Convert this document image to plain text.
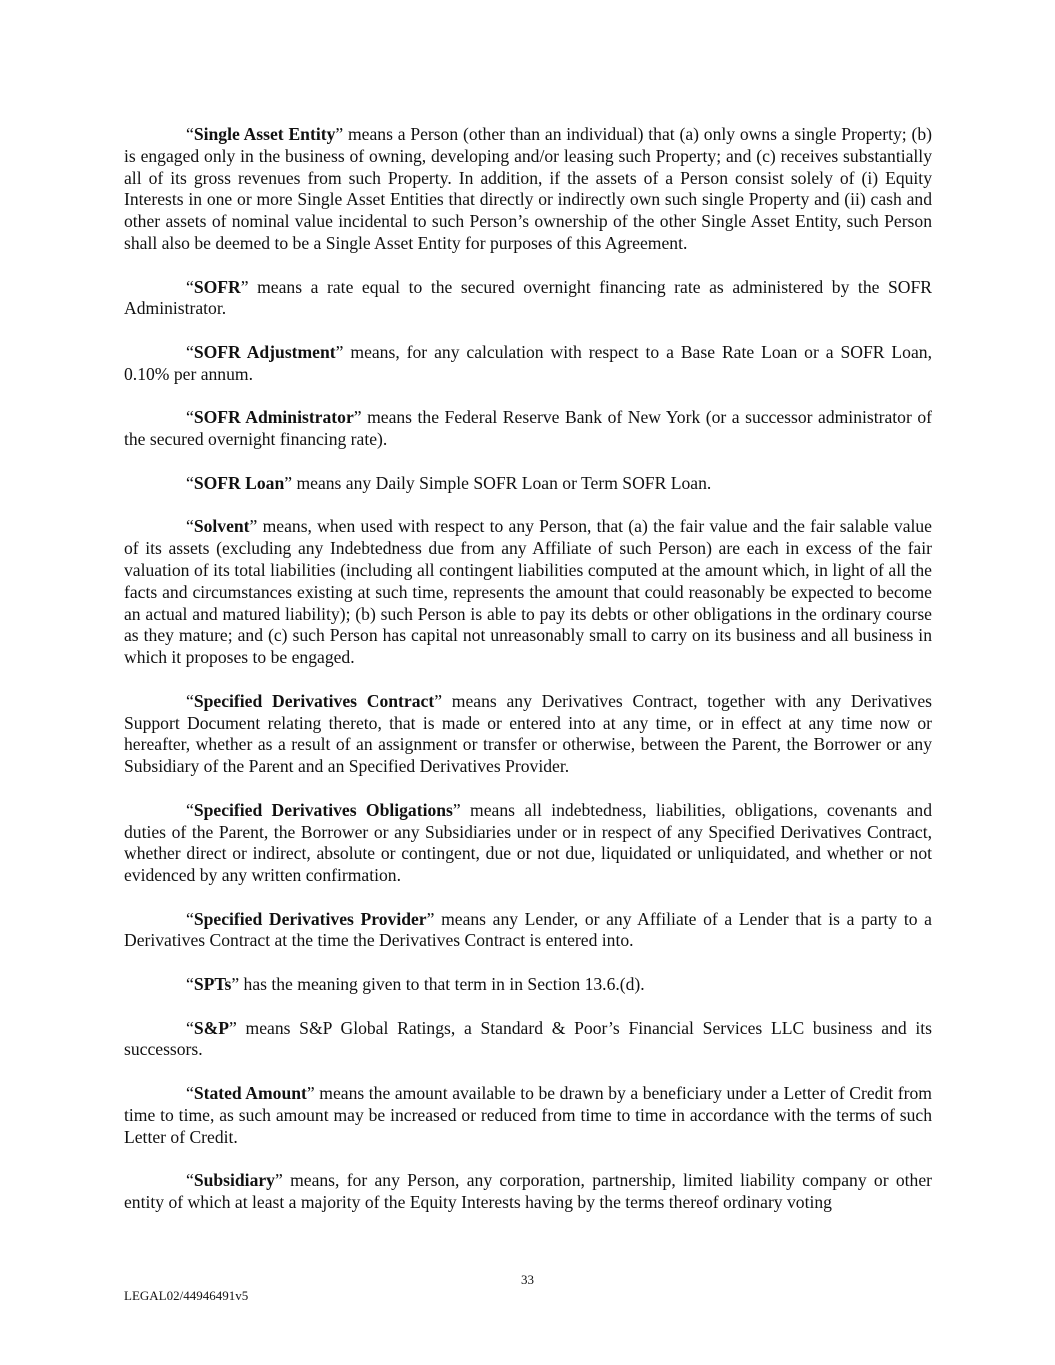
“Single Asset Entity” means a Person (other than an individual) that (a) only owns a single Property; (b) is engaged only in the business of owning, developing and/or leasing such Property; and (c) receives substantially all of its gross revenues from such Property. In addition, if the assets of a Person consist solely of (i) Equity Interests in one or more Single Asset Entities that directly or indirectly own such single Property and (ii) cash and other assets of nominal value incidental to such Person’s ownership of the other Single Asset Entity, such Person shall also be deemed to be a Single Asset Entity for purposes of this Agreement.

“SOFR” means a rate equal to the secured overnight financing rate as administered by the SOFR Administrator.

“SOFR Adjustment” means, for any calculation with respect to a Base Rate Loan or a SOFR Loan, 0.10% per annum.

“SOFR Administrator” means the Federal Reserve Bank of New York (or a successor administrator of the secured overnight financing rate).

“SOFR Loan” means any Daily Simple SOFR Loan or Term SOFR Loan.

“Solvent” means, when used with respect to any Person, that (a) the fair value and the fair salable value of its assets (excluding any Indebtedness due from any Affiliate of such Person) are each in excess of the fair valuation of its total liabilities (including all contingent liabilities computed at the amount which, in light of all the facts and circumstances existing at such time, represents the amount that could reasonably be expected to become an actual and matured liability); (b) such Person is able to pay its debts or other obligations in the ordinary course as they mature; and (c) such Person has capital not unreasonably small to carry on its business and all business in which it proposes to be engaged.

“Specified Derivatives Contract” means any Derivatives Contract, together with any Derivatives Support Document relating thereto, that is made or entered into at any time, or in effect at any time now or hereafter, whether as a result of an assignment or transfer or otherwise, between the Parent, the Borrower or any Subsidiary of the Parent and an Specified Derivatives Provider.

“Specified Derivatives Obligations” means all indebtedness, liabilities, obligations, covenants and duties of the Parent, the Borrower or any Subsidiaries under or in respect of any Specified Derivatives Contract, whether direct or indirect, absolute or contingent, due or not due, liquidated or unliquidated, and whether or not evidenced by any written confirmation.

“Specified Derivatives Provider” means any Lender, or any Affiliate of a Lender that is a party to a Derivatives Contract at the time the Derivatives Contract is entered into.

“SPTs” has the meaning given to that term in in Section 13.6.(d).

“S&P” means S&P Global Ratings, a Standard & Poor’s Financial Services LLC business and its successors.

“Stated Amount” means the amount available to be drawn by a beneficiary under a Letter of Credit from time to time, as such amount may be increased or reduced from time to time in accordance with the terms of such Letter of Credit.

“Subsidiary” means, for any Person, any corporation, partnership, limited liability company or other entity of which at least a majority of the Equity Interests having by the terms thereof ordinary voting

33
LEGAL02/44946491v5
